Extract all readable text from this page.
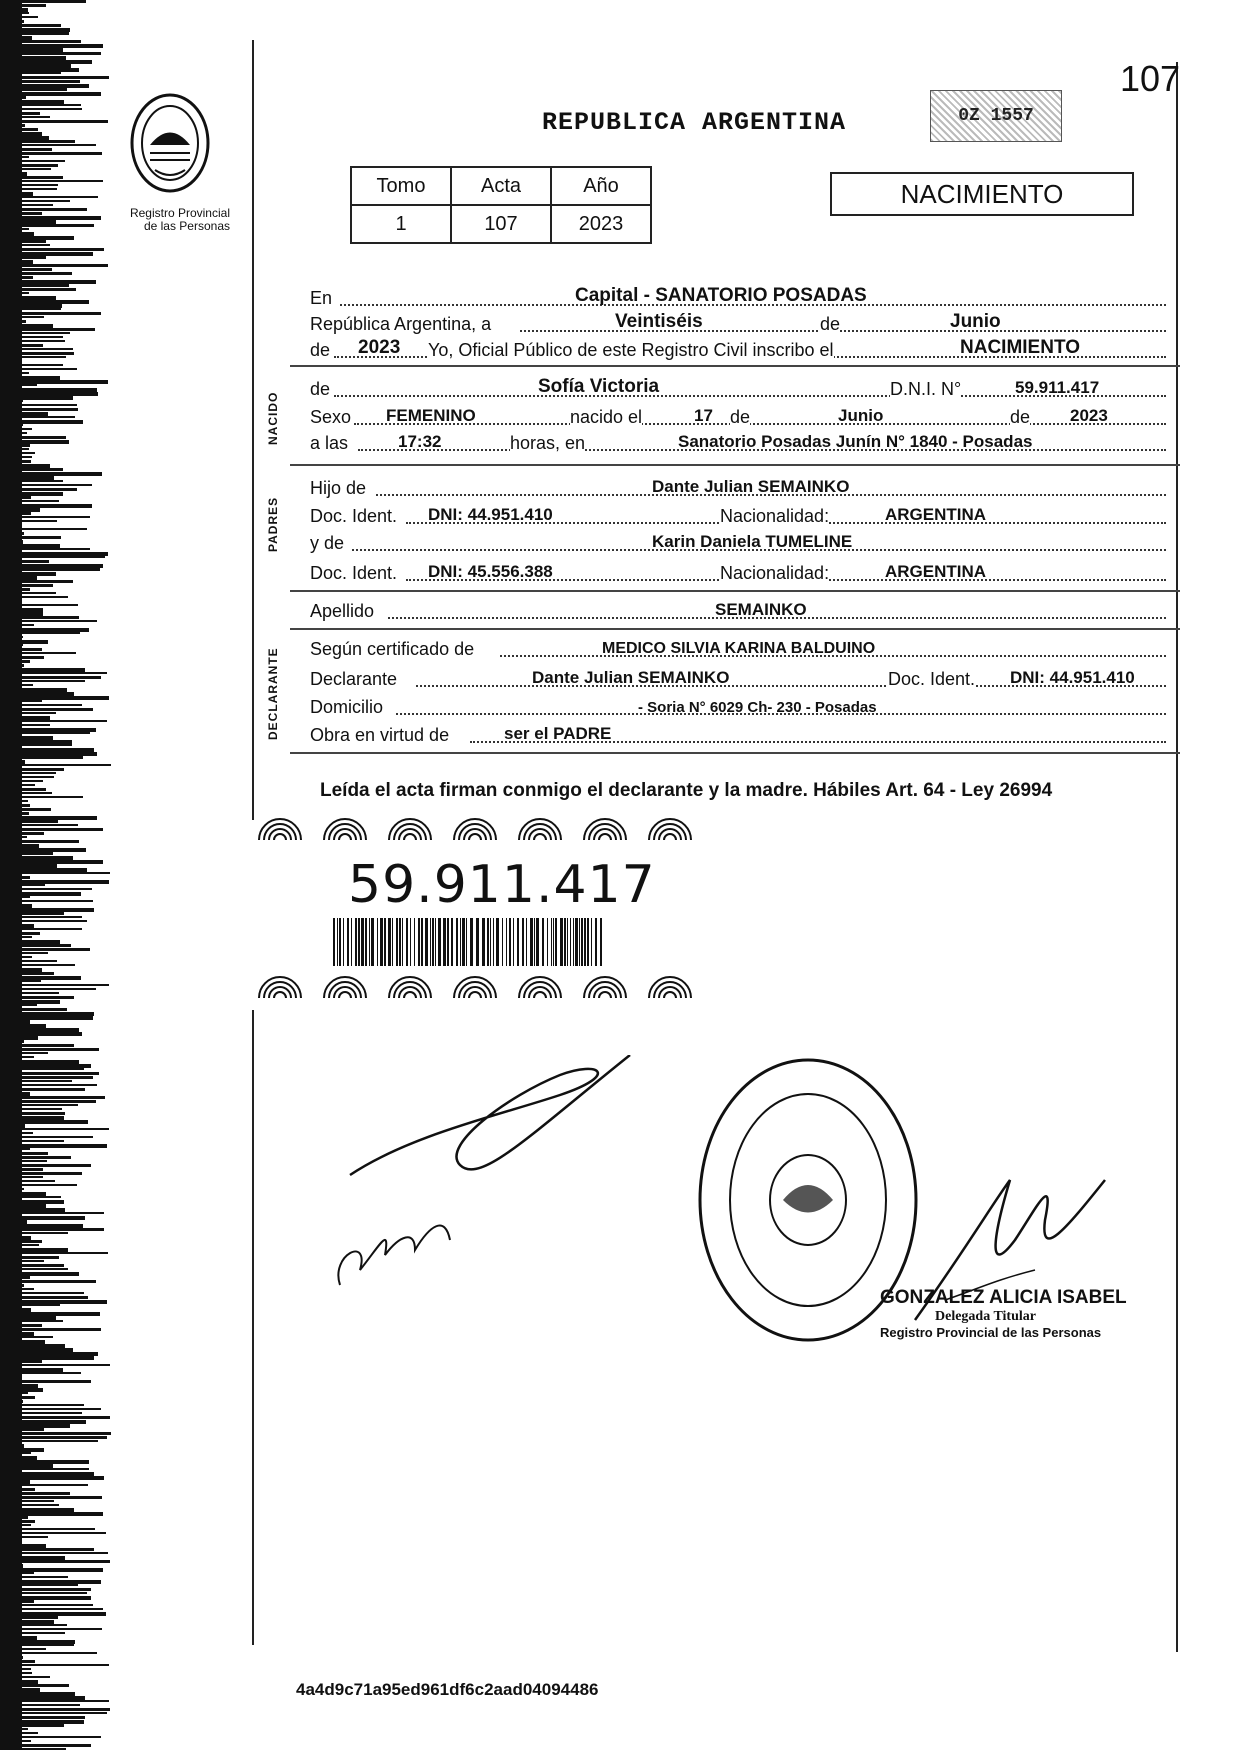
107
Registro Provincial
de las Personas
REPUBLICA ARGENTINA	0Z 1557
Tomo	Acta	Año
1	107	2023
NACIMIENTO
En	Capital - SANATORIO POSADAS
República Argentina, a	Veintiséis	de	Junio
de 2023 Yo, Oficial Público de este Registro Civil inscribo el	NACIMIENTO
NACIDO
de	Sofía Victoria	D.N.I. N°	59.911.417
Sexo FEMENINO	nacido el	17 de	Junio	de 2023
a las	17:32	horas, en	Sanatorio Posadas Junín N° 1840 - Posadas
PADRES
Hijo de	Dante Julian SEMAINKO
Doc. Ident. DNI: 44.951.410	Nacionalidad:	ARGENTINA
y de	Karin Daniela TUMELINE
Doc. Ident. DNI: 45.556.388	Nacionalidad:	ARGENTINA
Apellido	SEMAINKO
DECLARANTE Según certificado de	MEDICO SILVIA KARINA BALDUINO
Declarante	Dante Julian SEMAINKO	Doc. Ident. DNI: 44.951.410
Domicilio	- Soria N° 6029 Ch- 230 - Posadas
Obra en virtud de	ser el PADRE
Leída el acta firman conmigo el declarante y la madre. Hábiles Art. 64 - Ley 26994
59.911.417
GONZALEZ ALICIA ISABEL
Delegada Titular
Registro Provincial de las Personas
4a4d9c71a95ed961df6c2aad04094486
